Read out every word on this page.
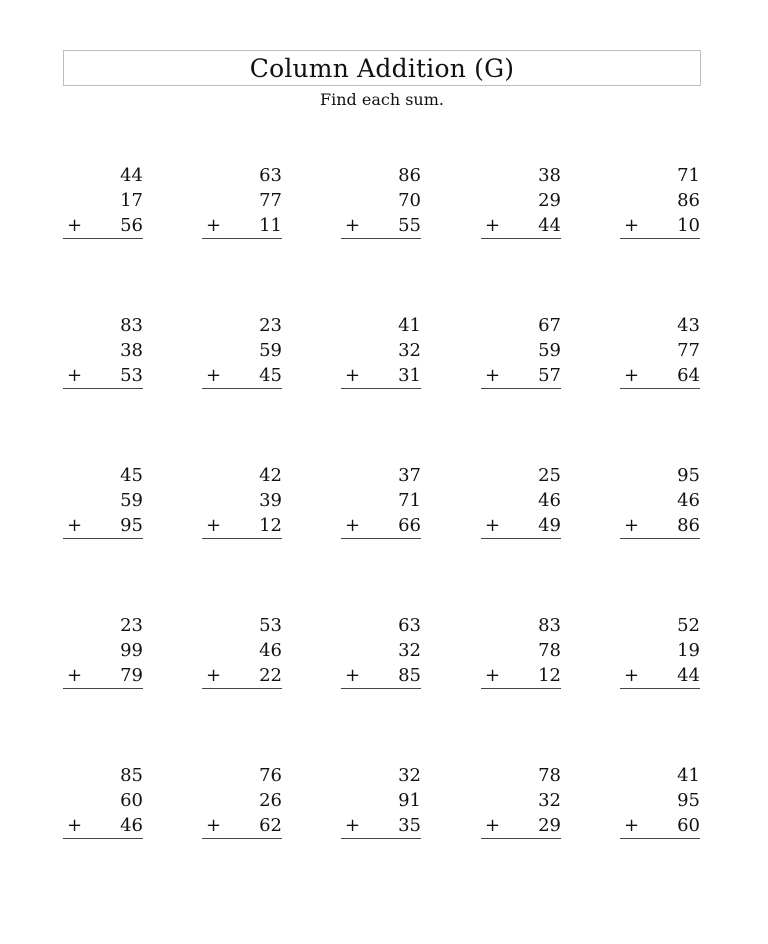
Column Addition (G)
Find each sum.
44
17
+ 56
63
77
+ 11
86
70
+ 55
38
29
+ 44
71
86
+ 10
83
38
+ 53
23
59
+ 45
41
32
+ 31
67
59
+ 57
43
77
+ 64
45
59
+ 95
42
39
+ 12
37
71
+ 66
25
46
+ 49
95
46
+ 86
23
99
+ 79
53
46
+ 22
63
32
+ 85
83
78
+ 12
52
19
+ 44
85
60
+ 46
76
26
+ 62
32
91
+ 35
78
32
+ 29
41
95
+ 60
